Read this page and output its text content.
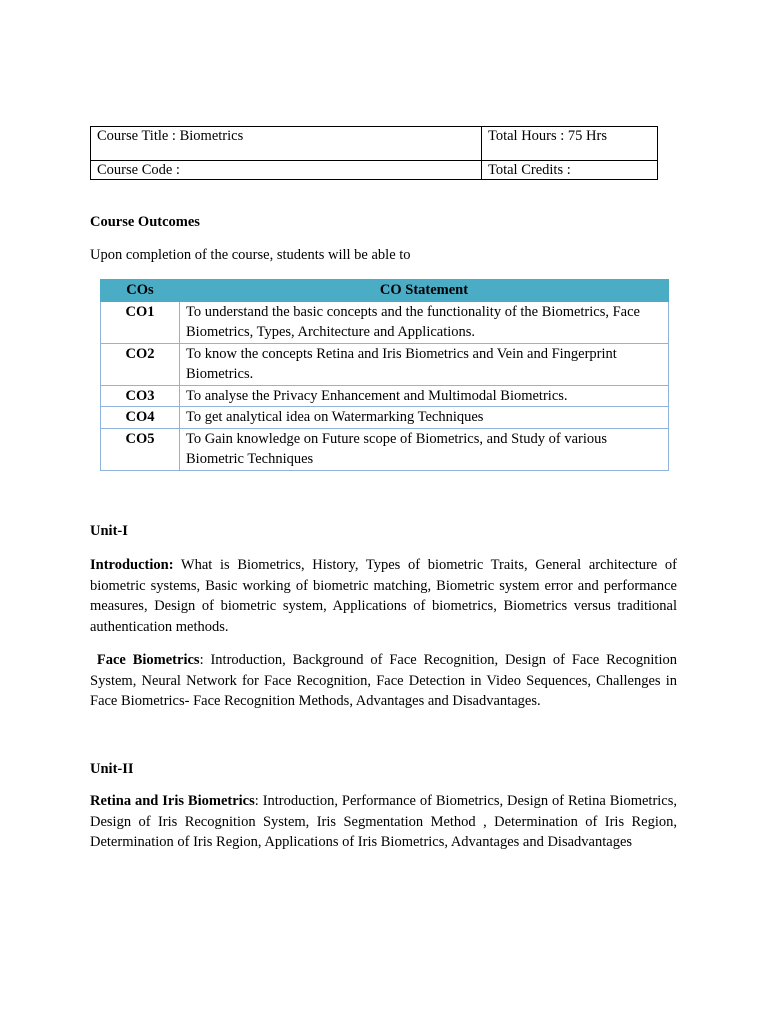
Course Title : Biometrics	Total Hours : 75 Hrs
Course Code :	Total Credits :
Course Outcomes
Upon completion of the course, students will be able to
COs	CO Statement
CO1	To understand the basic concepts and the functionality of the Biometrics, Face Biometrics, Types, Architecture and Applications.
CO2	To know the concepts Retina and Iris Biometrics and Vein and Fingerprint Biometrics.
CO3	To analyse the Privacy Enhancement and Multimodal Biometrics.
CO4	To get analytical idea on Watermarking Techniques
CO5	To Gain knowledge on Future scope of Biometrics, and Study of various Biometric Techniques
Unit-I
Introduction: What is Biometrics, History, Types of biometric Traits, General architecture of biometric systems, Basic working of biometric matching, Biometric system error and performance measures, Design of biometric system, Applications of biometrics, Biometrics versus traditional authentication methods.
Face Biometrics: Introduction, Background of Face Recognition, Design of Face Recognition System, Neural Network for Face Recognition, Face Detection in Video Sequences, Challenges in Face Biometrics- Face Recognition Methods, Advantages and Disadvantages.
Unit-II
Retina and Iris Biometrics: Introduction, Performance of Biometrics, Design of Retina Biometrics, Design of Iris Recognition System, Iris Segmentation Method , Determination of Iris Region, Determination of Iris Region, Applications of Iris Biometrics, Advantages and Disadvantages
